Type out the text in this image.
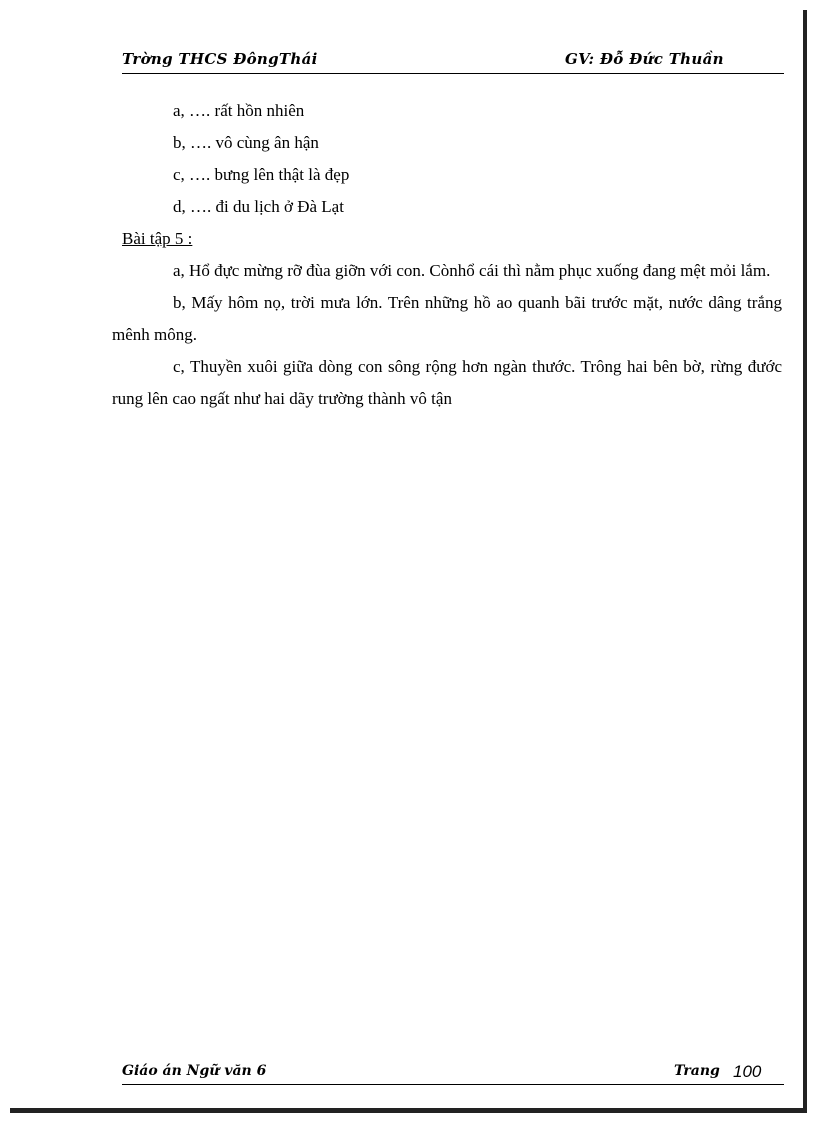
Trờng THCS ĐôngThái	GV: Đỗ Đức Thuần
a, …. rất hồn nhiên
b, …. vô cùng ân hận
c, …. bưng lên thật là đẹp
d, …. đi du lịch ở Đà Lạt
Bài tập 5 :
a, Hổ đực mừng rỡ đùa giỡn với con. Cònhổ cái thì nằm phục xuống đang mệt mỏi lắm.
b, Mấy hôm nọ, trời mưa lớn. Trên những hồ ao quanh bãi trước mặt, nước dâng trắng mênh mông.
c, Thuyền xuôi giữa dòng con sông rộng hơn ngàn thước. Trông hai bên bờ, rừng đước rung lên cao ngất như hai dãy trường thành vô tận
Giáo án Ngữ văn 6	Trang 100
